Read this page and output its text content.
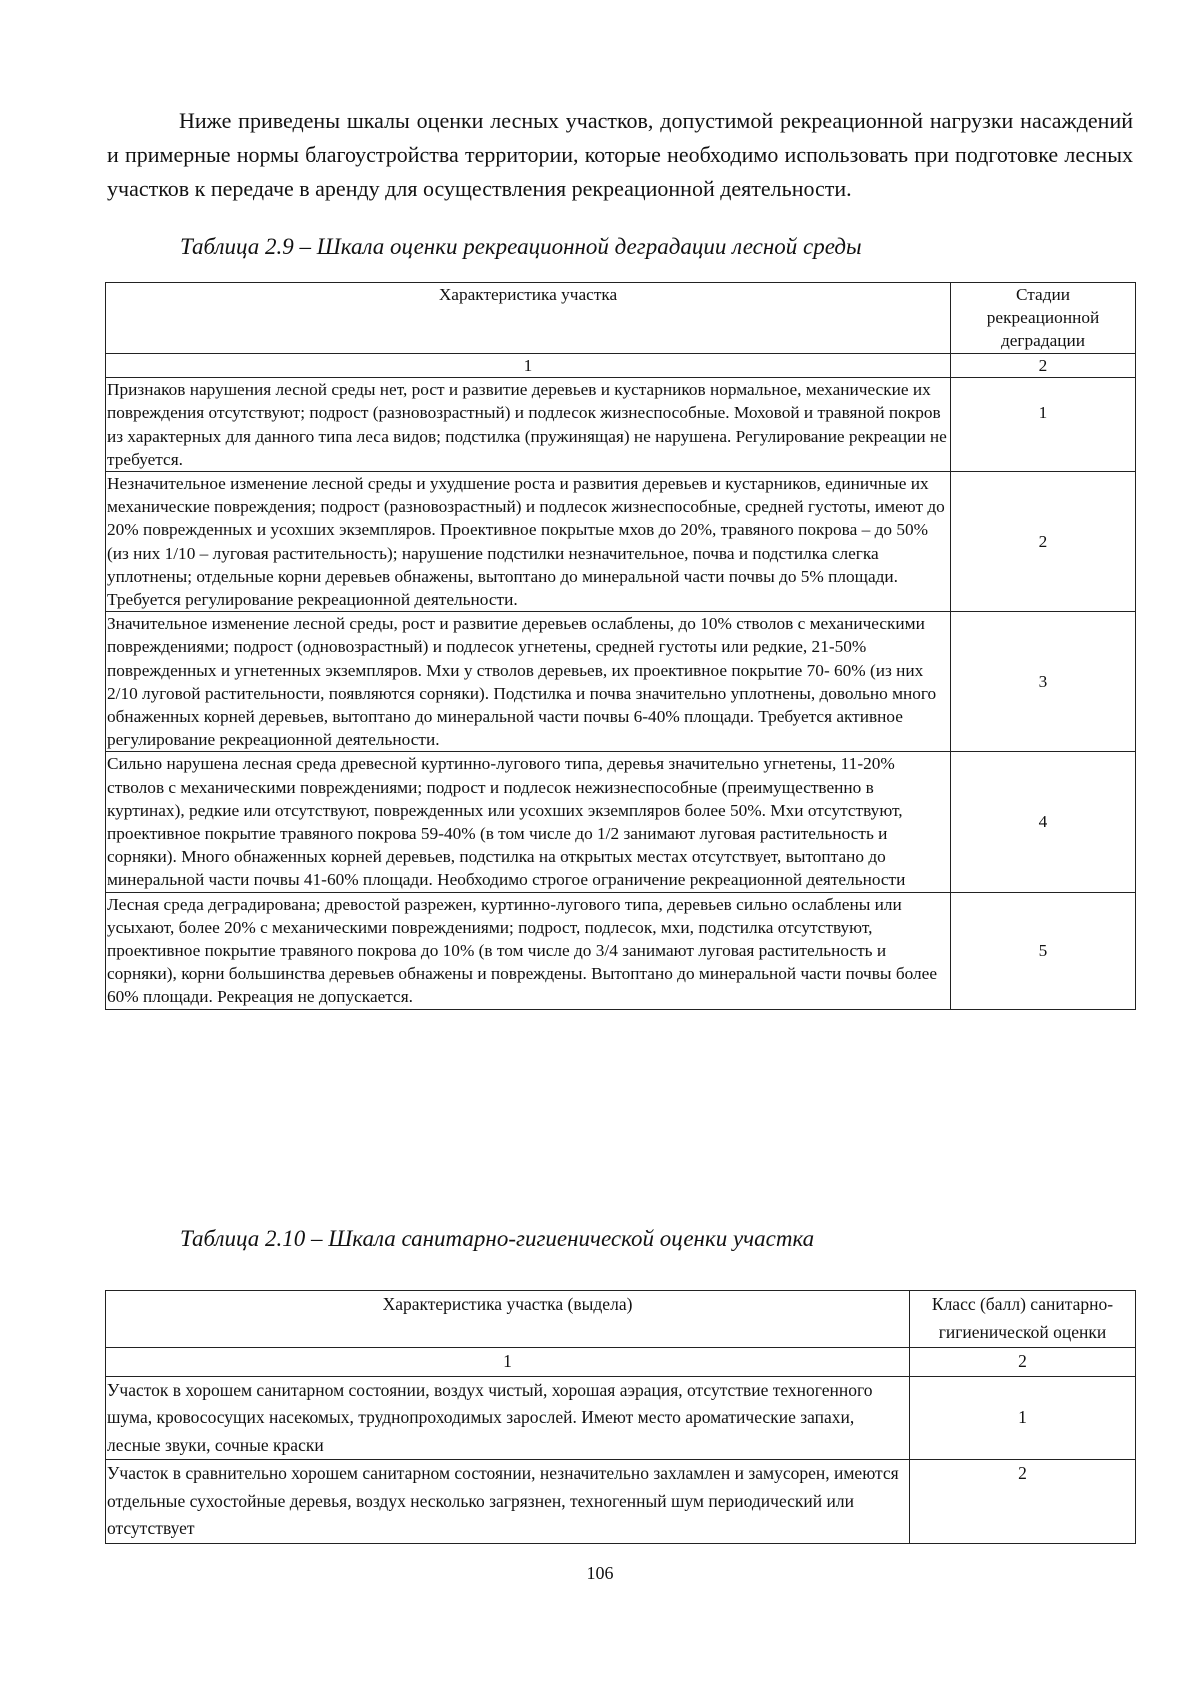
Ниже приведены шкалы оценки лесных участков, допустимой рекреационной нагрузки насаждений и примерные нормы благоустройства территории, которые необходимо использовать при подготовке лесных участков к передаче в аренду для осуществления рекреационной деятельности.

Таблица 2.9 – Шкала оценки рекреационной деградации лесной среды

Характеристика участка	Стадии рекреационной деградации
1	2
Признаков нарушения лесной среды нет, рост и развитие деревьев и кустарников нормальное, механические их повреждения отсутствуют; подрост (разновозрастный) и подлесок жизнеспособные. Моховой и травяной покров из характерных для данного типа леса видов; подстилка (пружинящая) не нарушена. Регулирование рекреации не требуется.	1
Незначительное изменение лесной среды и ухудшение роста и развития деревьев и кустарников, единичные их механические повреждения; подрост (разновозрастный) и подлесок жизнеспособные, средней густоты, имеют до 20% поврежденных и усохших экземпляров. Проективное покрытые мхов до 20%, травяного покрова – до 50% (из них 1/10 – луговая растительность); нарушение подстилки незначительное, почва и подстилка слегка уплотнены; отдельные корни деревьев обнажены, вытоптано до минеральной части почвы до 5% площади. Требуется регулирование рекреационной деятельности.	2
Значительное изменение лесной среды, рост и развитие деревьев ослаблены, до 10% стволов с механическими повреждениями; подрост (одновозрастный) и подлесок угнетены, средней густоты или редкие, 21-50% поврежденных и угнетенных экземпляров. Мхи у стволов деревьев, их проективное покрытие 70- 60% (из них 2/10 луговой растительности, появляются сорняки). Подстилка и почва значительно уплотнены, довольно много обнаженных корней деревьев, вытоптано до минеральной части почвы 6-40% площади. Требуется активное регулирование рекреационной деятельности.	3
Сильно нарушена лесная среда древесной куртинно-лугового типа, деревья значительно угнетены, 11-20% стволов с механическими повреждениями; подрост и подлесок нежизнеспособные (преимущественно в куртинах), редкие или отсутствуют, поврежденных или усохших экземпляров более 50%. Мхи отсутствуют, проективное покрытие травяного покрова 59-40% (в том числе до 1/2 занимают луговая растительность и сорняки). Много обнаженных корней деревьев, подстилка на открытых местах отсутствует, вытоптано до минеральной части почвы 41-60% площади. Необходимо строгое ограничение рекреационной деятельности	4
Лесная среда деградирована; древостой разрежен, куртинно-лугового типа, деревьев сильно ослаблены или усыхают, более 20% с механическими повреждениями; подрост, подлесок, мхи, подстилка отсутствуют, проективное покрытие травяного покрова до 10% (в том числе до 3/4 занимают луговая растительность и сорняки), корни большинства деревьев обнажены и повреждены. Вытоптано до минеральной части почвы более 60% площади. Рекреация не допускается.	5

Таблица 2.10 – Шкала санитарно-гигиенической оценки участка

Характеристика участка (выдела)	Класс (балл) санитарно-гигиенической оценки
1	2
Участок в хорошем санитарном состоянии, воздух чистый, хорошая аэрация, отсутствие техногенного шума, кровососущих насекомых, труднопроходимых зарослей. Имеют место ароматические запахи, лесные звуки, сочные краски	1
Участок в сравнительно хорошем санитарном состоянии, незначительно захламлен и замусорен, имеются отдельные сухостойные деревья, воздух несколько загрязнен, техногенный шум периодический или отсутствует	2

106
